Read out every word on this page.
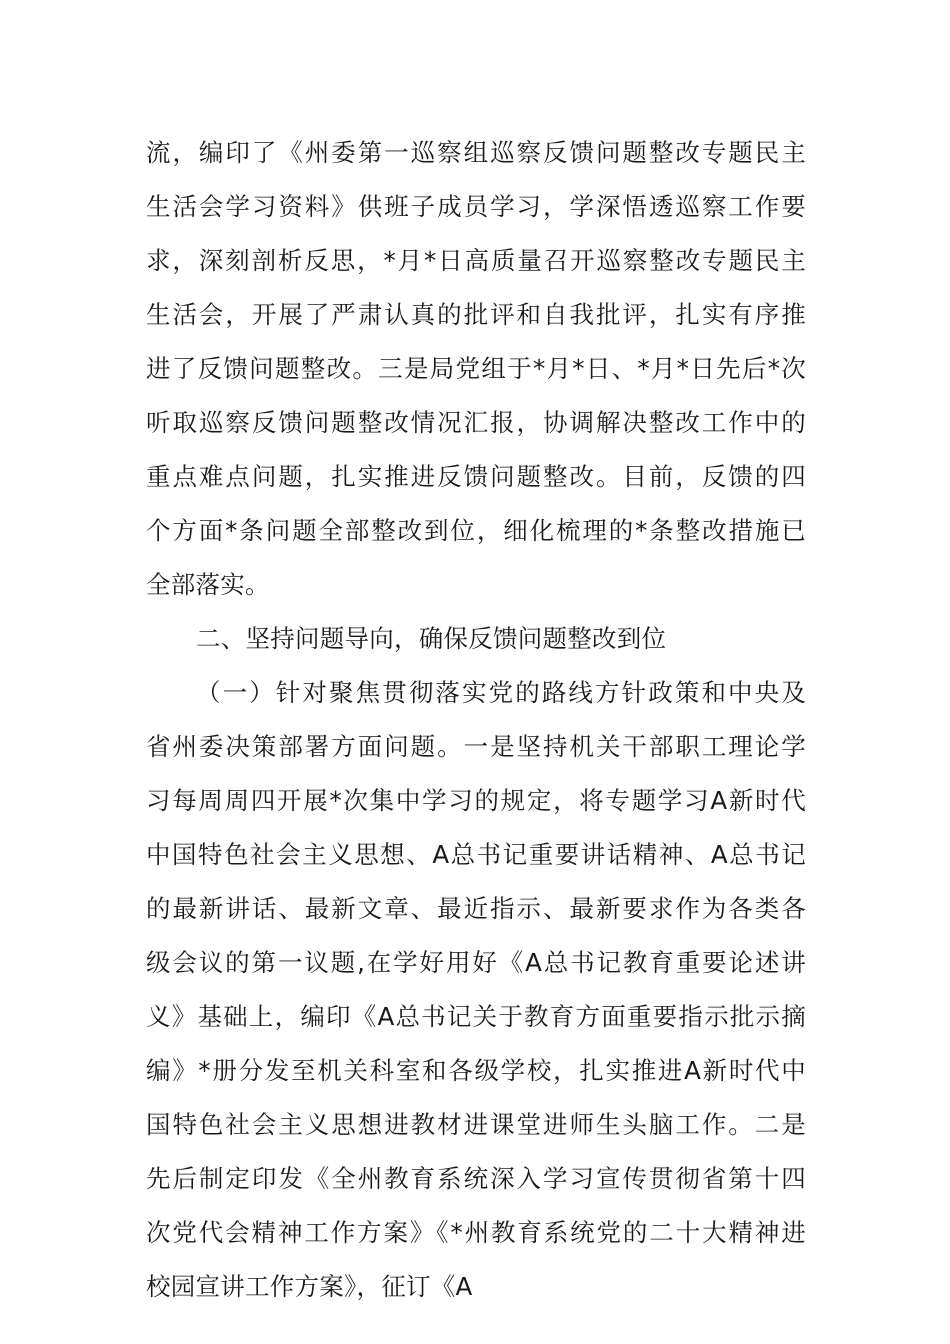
流，编印了《州委第一巡察组巡察反馈问题整改专题民主
生活会学习资料》供班子成员学习，学深悟透巡察工作要
求，深刻剖析反思，*月*日高质量召开巡察整改专题民主
生活会，开展了严肃认真的批评和自我批评，扎实有序推
进了反馈问题整改。三是局党组于*月*日、*月*日先后*次
听取巡察反馈问题整改情况汇报，协调解决整改工作中的
重点难点问题，扎实推进反馈问题整改。目前，反馈的四
个方面*条问题全部整改到位，细化梳理的*条整改措施已
全部落实。
二、坚持问题导向，确保反馈问题整改到位
（一）针对聚焦贯彻落实党的路线方针政策和中央及
省州委决策部署方面问题。一是坚持机关干部职工理论学
习每周周四开展*次集中学习的规定，将专题学习A新时代
中国特色社会主义思想、A总书记重要讲话精神、A总书记
的最新讲话、最新文章、最近指示、最新要求作为各类各
级会议的第一议题,在学好用好《A总书记教育重要论述讲
义》基础上，编印《A总书记关于教育方面重要指示批示摘
编》*册分发至机关科室和各级学校，扎实推进A新时代中
国特色社会主义思想进教材进课堂进师生头脑工作。二是
先后制定印发《全州教育系统深入学习宣传贯彻省第十四
次党代会精神工作方案》《*州教育系统党的二十大精神进
校园宣讲工作方案》，征订《A
